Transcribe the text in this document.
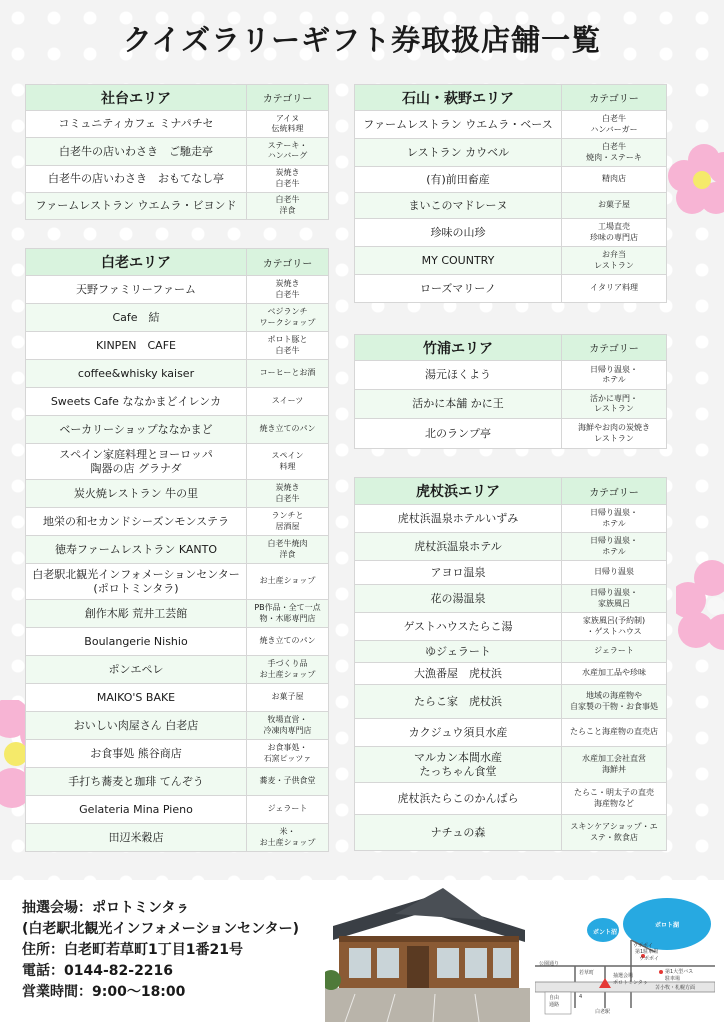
クイズラリーギフト券取扱店舗一覧
社台エリア	カテゴリー
コミュニティカフェ ミナパチセ	アイヌ
伝統料理
白老牛の店いわさき　ご馳走亭	ステーキ・
ハンバーグ
白老牛の店いわさき　おもてなし亭	炭焼き
白老牛
ファームレストラン ウエムラ・ビヨンド	白老牛
洋食
白老エリア	カテゴリー
天野ファミリーファーム	炭焼き
白老牛
Cafe　結	ベジランチ
ワークショップ
KINPEN　CAFE	ポロト豚と
白老牛
coffee&whisky kaiser	コーヒーとお酒
Sweets Cafe ななかまどイレンカ	スイーツ
ベーカリーショップななかまど	焼き立てのパン
スペイン家庭料理とヨーロッパ
陶器の店 グラナダ	スペイン
料理
炭火焼レストラン 牛の里	炭焼き
白老牛
地栄の和セカンドシーズンモンステラ	ランチと
居酒屋
徳寿ファームレストラン KANTO	白老牛焼肉
洋食
白老駅北観光インフォメーションセンター
(ポロトミンタラ)	お土産ショップ
創作木彫 荒井工芸館	PB作品・全て一点
物・木彫専門店
Boulangerie Nishio	焼き立てのパン
ポンエペレ	手づくり品
お土産ショップ
MAIKO'S BAKE	お菓子屋
おいしい肉屋さん 白老店	牧場直営・
冷凍肉専門店
お食事処 熊谷商店	お食事処・
石窯ピッツァ
手打ち蕎麦と珈琲 てんぞう	蕎麦・子供食堂
Gelateria Mina Pieno	ジェラート
田辺米穀店	米・
お土産ショップ
石山・萩野エリア	カテゴリー
ファームレストラン ウエムラ・ベース	白老牛
ハンバーガー
レストラン カウベル	白老牛
焼肉・ステーキ
(有)前田畜産	精肉店
まいこのマドレーヌ	お菓子屋
珍味の山珍	工場直売
珍味の専門店
MY COUNTRY	お弁当
レストラン
ローズマリーノ	イタリア料理
竹浦エリア	カテゴリー
湯元ほくよう	日帰り温泉・
ホテル
活かに本舗 かに王	活かに専門・
レストラン
北のランプ亭	海鮮やお肉の炭焼き
レストラン
虎杖浜エリア	カテゴリー
虎杖浜温泉ホテルいずみ	日帰り温泉・
ホテル
虎杖浜温泉ホテル	日帰り温泉・
ホテル
アヨロ温泉	日帰り温泉
花の湯温泉	日帰り温泉・
家族風呂
ゲストハウスたらこ湯	家族風呂(予約制)
・ゲストハウス
ゆジェラート	ジェラート
大漁番屋　虎杖浜	水産加工品や珍味
たらこ家　虎杖浜	地域の海産物や
自家製の干物・お食事処
カクジュウ須貝水産	たらこと海産物の直売店
マルカン本間水産
たっちゃん食堂	水産加工会社直営
海鮮丼
虎杖浜たらこのかんばら	たらこ・明太子の直売
海産物など
ナチュの森	スキンケアショップ・エ
ステ・飲食店
抽選会場：ポロトミンタㇻ
(白老駅北観光インフォメーションセンター)
住所：白老町若草町1丁目1番21号
電話：0144-82-2216
営業時間：9:00〜18:00
ポント沼
ポロト湖
ウポポイ
第1駐車場
ウポポイ
第1大型バス
駐車場
公園通り
若草町	抽選会場
ポロトミンタㇻ
苫小牧・札幌方面
自由
通路
白老駅
4
